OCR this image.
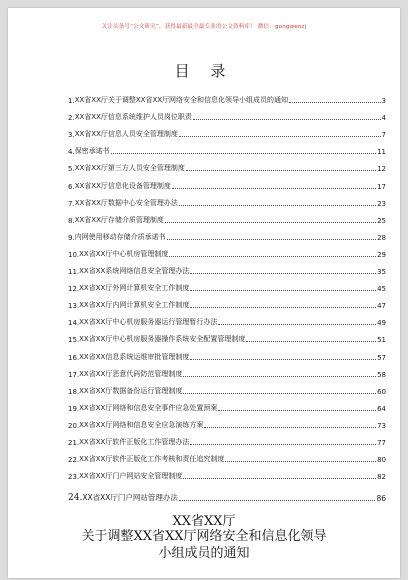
关注头条号“公文研究”，获得最新最全最专业的公文资料库！ 微信：gongwenzj
目 录
1. XX省XX厅关于调整XX省XX厅网络安全和信息化领导小组成员的通知	3
2. XX省XX厅信息系统维护人员岗位职责	4
3. XX省XX厅信息人员安全管理制度	7
4. 保密承诺书	11
5. XX省XX厅第三方人员安全管理制度	12
6. XX省XX厅信息化设备管理制度	17
7. XX省XX厅数据中心安全管理办法	23
8. XX省XX厅存储介质管理制度	25
9. 内网使用移动存储介质承诺书	28
10. XX省XX厅中心机房管理制度	29
11. XX省XX系统网络信息安全管理办法	35
12. XX省XX厅外网计算机安全工作制度	45
13. XX省XX厅内网计算机安全工作制度	47
14. XX省XX厅中心机房服务器运行管理暂行办法	49
15. XX省XX厅中心机房服务器操作系统安全配置管理制度	51
16. XX省XX信息系统运维审批管理制度	57
17. XX省XX厅恶意代码防范管理制度	58
18. XX省XX厅数据备份运行管理制度	60
19. XX省XX厅网络和信息安全事件应急处置预案	64
20. XX省XX厅网络和信息安全应急演练方案	73
21. XX省XX厅软件正版化工作管理办法	77
22. XX省XX厅软件正版化工作考核和责任追究制度	80
23. XX省XX厅门户网站安全管理制度	82
24. XX省XX厅门户网站管理办法	86
XX省XX厅
关于调整XX省XX厅网络安全和信息化领导
小组成员的通知
